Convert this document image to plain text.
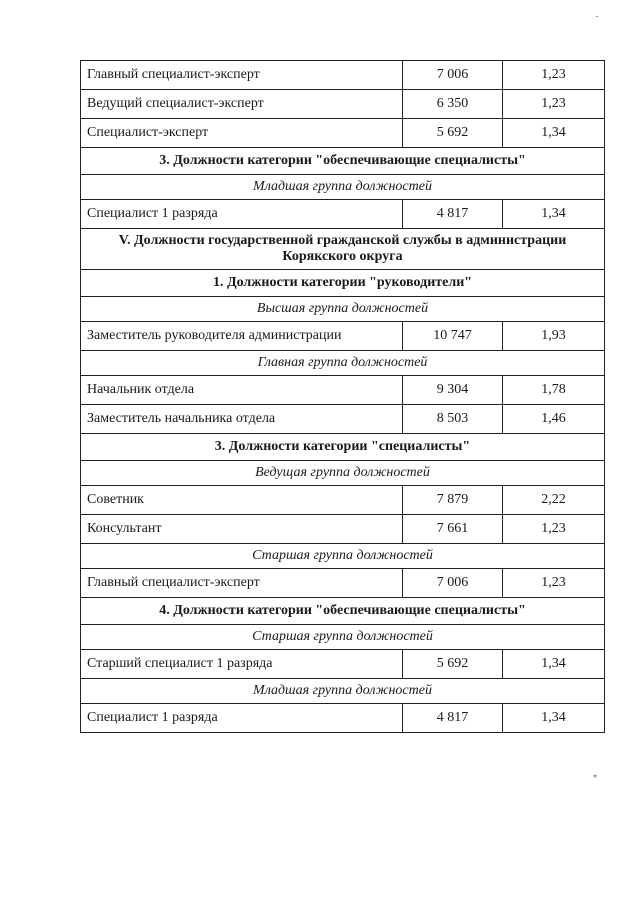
Главный специалист-эксперт	7 006	1,23
Ведущий специалист-эксперт	6 350	1,23
Специалист-эксперт	5 692	1,34
3. Должности категории "обеспечивающие специалисты"		
Младшая группа должностей		
Специалист 1 разряда	4 817	1,34
V. Должности государственной гражданской службы в администрации Корякского округа		
1. Должности категории "руководители"		
Высшая группа должностей		
Заместитель руководителя администрации	10 747	1,93
Главная группа должностей		
Начальник отдела	9 304	1,78
Заместитель начальника отдела	8 503	1,46
3. Должности категории "специалисты"		
Ведущая группа должностей		
Советник	7 879	2,22
Консультант	7 661	1,23
Старшая группа должностей		
Главный специалист-эксперт	7 006	1,23
4. Должности категории "обеспечивающие специалисты"		
Старшая группа должностей		
Старший специалист 1 разряда	5 692	1,34
Младшая группа должностей		
Специалист 1 разряда	4 817	1,34
"
